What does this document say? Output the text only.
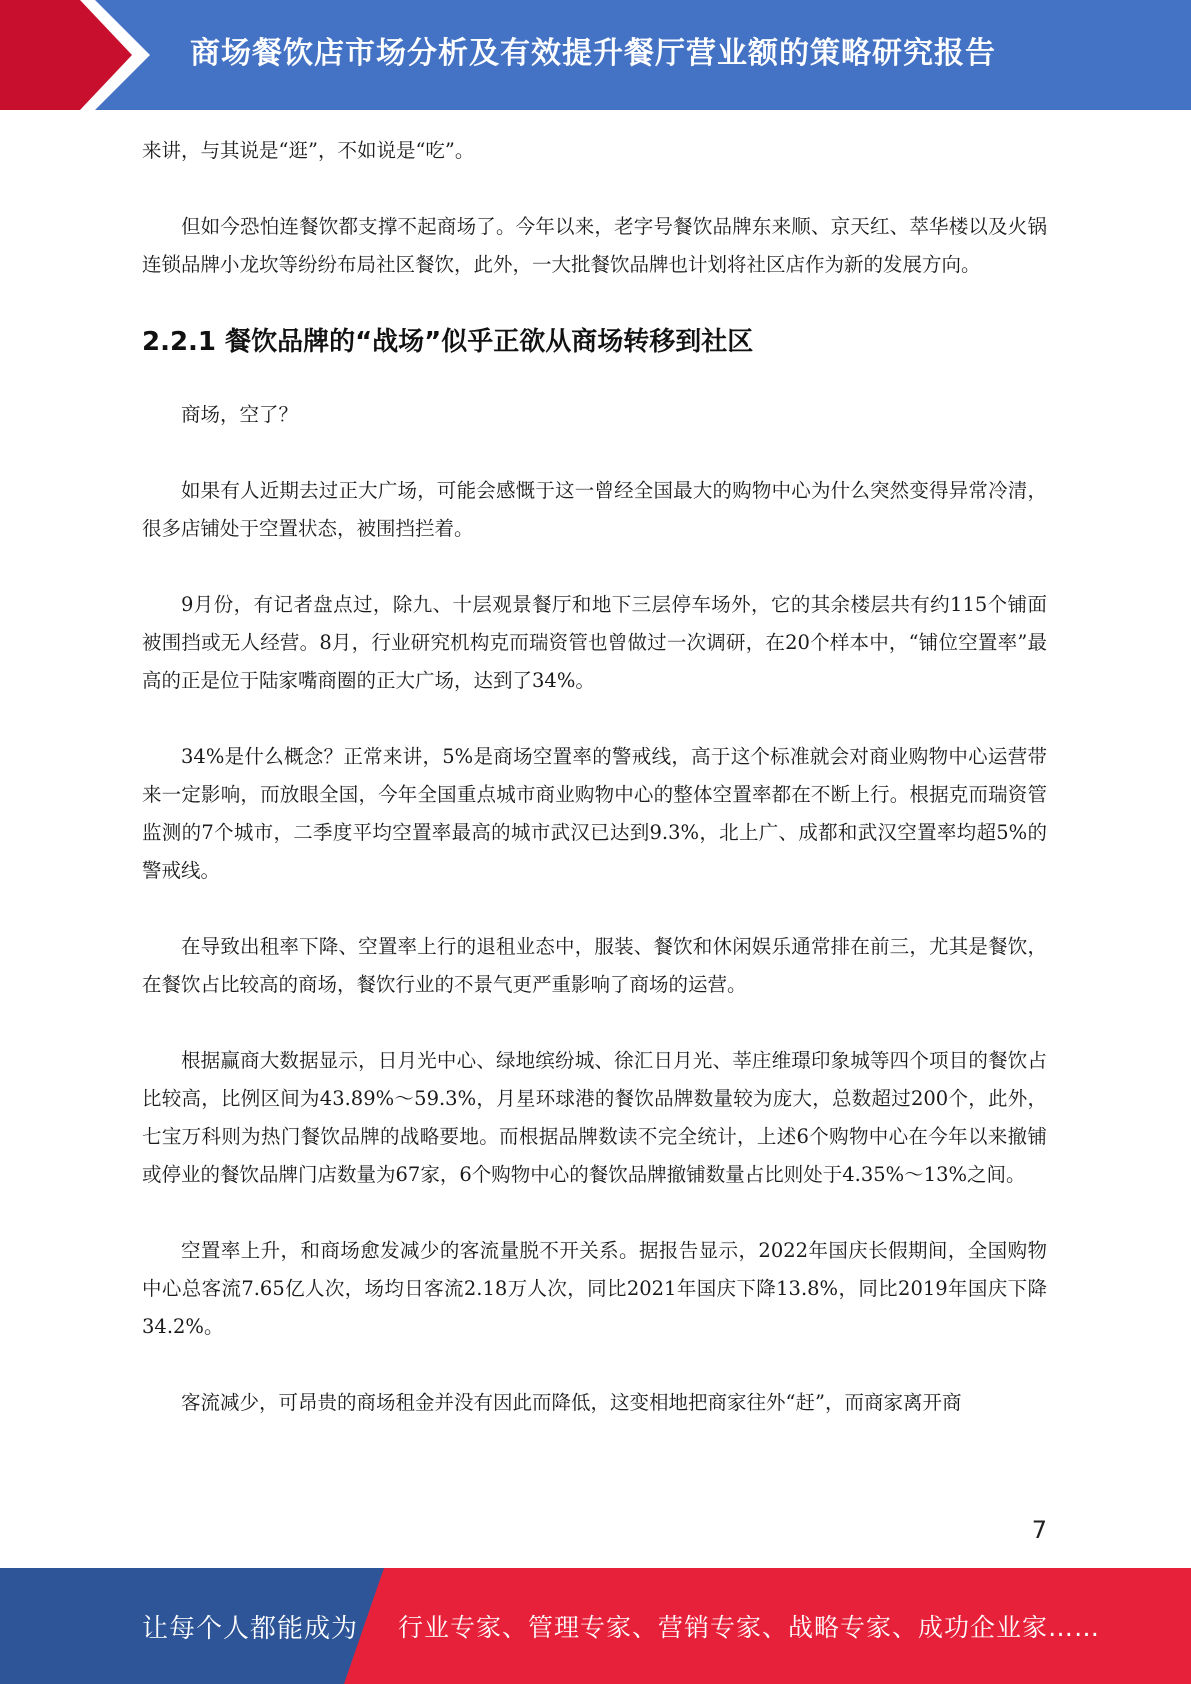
商场餐饮店市场分析及有效提升餐厅营业额的策略研究报告

来讲，与其说是“逛”，不如说是“吃”。

但如今恐怕连餐饮都支撑不起商场了。今年以来，老字号餐饮品牌东来顺、京天红、萃华楼以及火锅连锁品牌小龙坎等纷纷布局社区餐饮，此外，一大批餐饮品牌也计划将社区店作为新的发展方向。

2.2.1 餐饮品牌的“战场”似乎正欲从商场转移到社区

商场，空了？

如果有人近期去过正大广场，可能会感慨于这一曾经全国最大的购物中心为什么突然变得异常冷清，很多店铺处于空置状态，被围挡拦着。

9月份，有记者盘点过，除九、十层观景餐厅和地下三层停车场外，它的其余楼层共有约115个铺面被围挡或无人经营。8月，行业研究机构克而瑞资管也曾做过一次调研，在20个样本中，“铺位空置率”最高的正是位于陆家嘴商圈的正大广场，达到了34%。

34%是什么概念？正常来讲，5%是商场空置率的警戒线，高于这个标准就会对商业购物中心运营带来一定影响，而放眼全国，今年全国重点城市商业购物中心的整体空置率都在不断上行。根据克而瑞资管监测的7个城市，二季度平均空置率最高的城市武汉已达到9.3%，北上广、成都和武汉空置率均超5%的警戒线。

在导致出租率下降、空置率上行的退租业态中，服装、餐饮和休闲娱乐通常排在前三，尤其是餐饮，在餐饮占比较高的商场，餐饮行业的不景气更严重影响了商场的运营。

根据赢商大数据显示，日月光中心、绿地缤纷城、徐汇日月光、莘庄维璟印象城等四个项目的餐饮占比较高，比例区间为43.89%～59.3%，月星环球港的餐饮品牌数量较为庞大，总数超过200个，此外，七宝万科则为热门餐饮品牌的战略要地。而根据品牌数读不完全统计，上述6个购物中心在今年以来撤铺或停业的餐饮品牌门店数量为67家，6个购物中心的餐饮品牌撤铺数量占比则处于4.35%～13%之间。

空置率上升，和商场愈发减少的客流量脱不开关系。据报告显示，2022年国庆长假期间，全国购物中心总客流7.65亿人次，场均日客流2.18万人次，同比2021年国庆下降13.8%，同比2019年国庆下降34.2%。

客流减少，可昂贵的商场租金并没有因此而降低，这变相地把商家往外“赶”，而商家离开商

7
让每个人都能成为 行业专家、管理专家、营销专家、战略专家、成功企业家……
